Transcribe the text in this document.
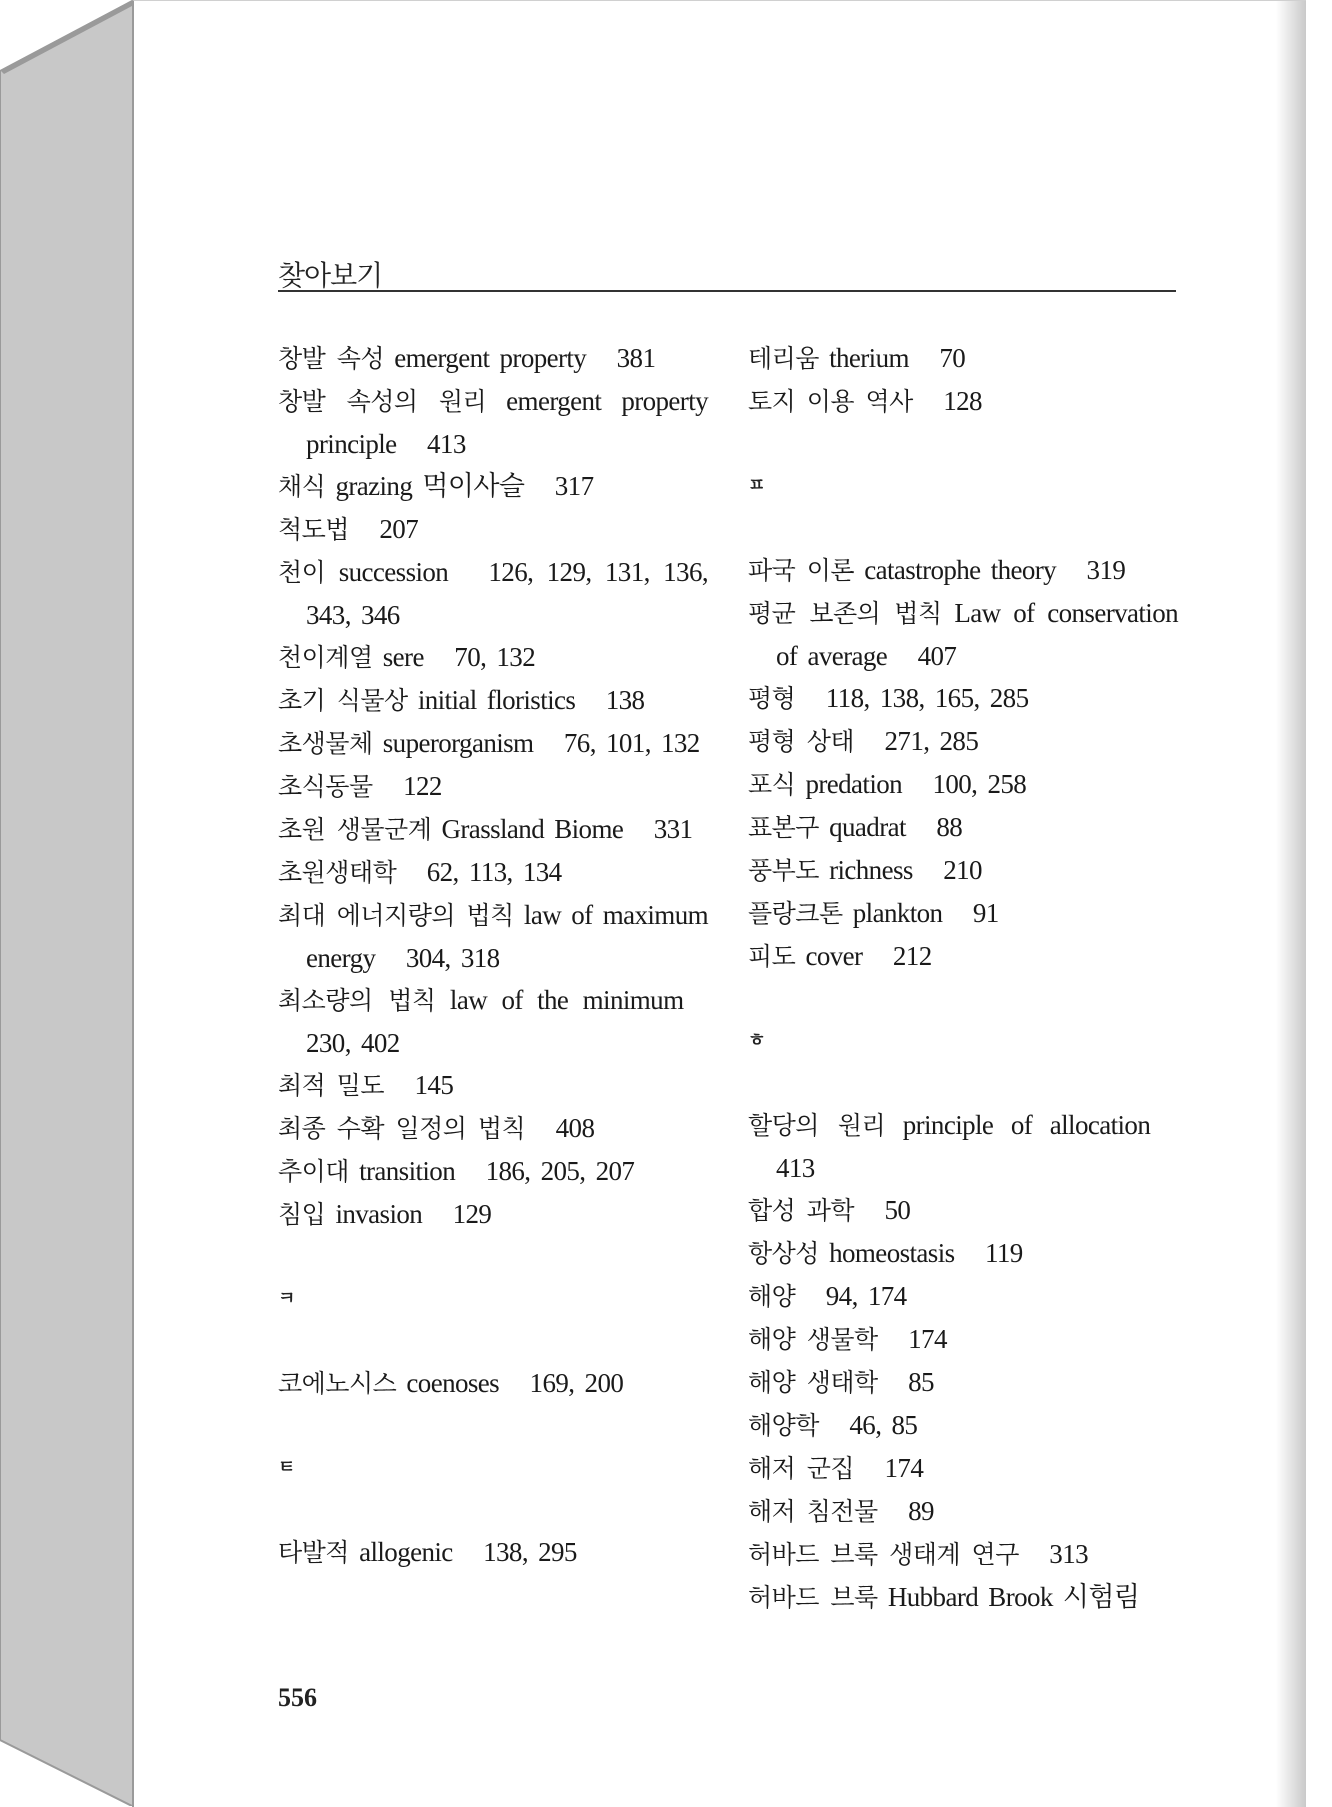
찾아보기
창발 속성 emergent property 381
창발 속성의 원리 emergent property principle 413
채식 grazing 먹이사슬 317
척도법 207
천이 succession 126, 129, 131, 136, 343, 346
천이계열 sere 70, 132
초기 식물상 initial floristics 138
초생물체 superorganism 76, 101, 132
초식동물 122
초원 생물군계 Grassland Biome 331
초원생태학 62, 113, 134
최대 에너지량의 법칙 law of maximum energy 304, 318
최소량의 법칙 law of the minimum   230, 402
최적 밀도 145
최종 수확 일정의 법칙 408
추이대 transition 186, 205, 207
침입 invasion 129
ㅋ
코에노시스 coenoses 169, 200
ㅌ
타발적 allogenic 138, 295
테리움 therium 70
토지 이용 역사 128
ㅍ
파국 이론 catastrophe theory 319
평균 보존의 법칙 Law of conservation of average 407
평형 118, 138, 165, 285
평형 상태 271, 285
포식 predation 100, 258
표본구 quadrat 88
풍부도 richness 210
플랑크톤 plankton 91
피도 cover 212
ㅎ
할당의 원리 principle of allocation   413
합성 과학 50
항상성 homeostasis 119
해양 94, 174
해양 생물학 174
해양 생태학 85
해양학 46, 85
해저 군집 174
해저 침전물 89
허바드 브룩 생태계 연구 313
허바드 브룩 Hubbard Brook 시험림
556
